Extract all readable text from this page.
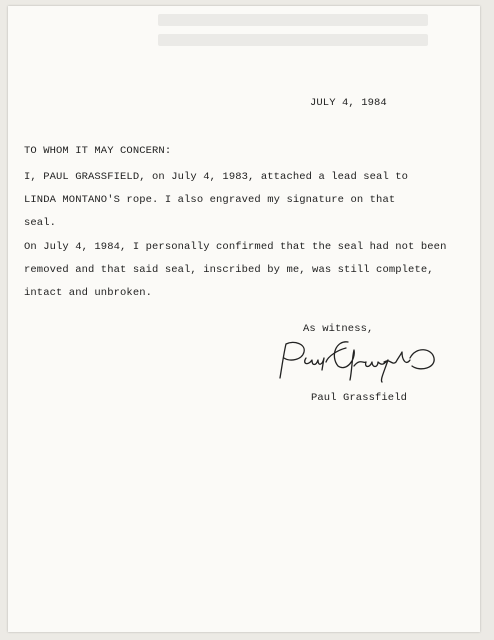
JULY 4, 1984
TO WHOM IT MAY CONCERN:
I, PAUL GRASSFIELD, on July 4, 1983, attached a lead seal to
LINDA MONTANO'S rope. I also engraved my signature on that
seal.
On July 4, 1984, I personally confirmed that the seal had not been
removed and that said seal, inscribed by me, was still complete,
intact and unbroken.
As witness,
Paul Grassfield
